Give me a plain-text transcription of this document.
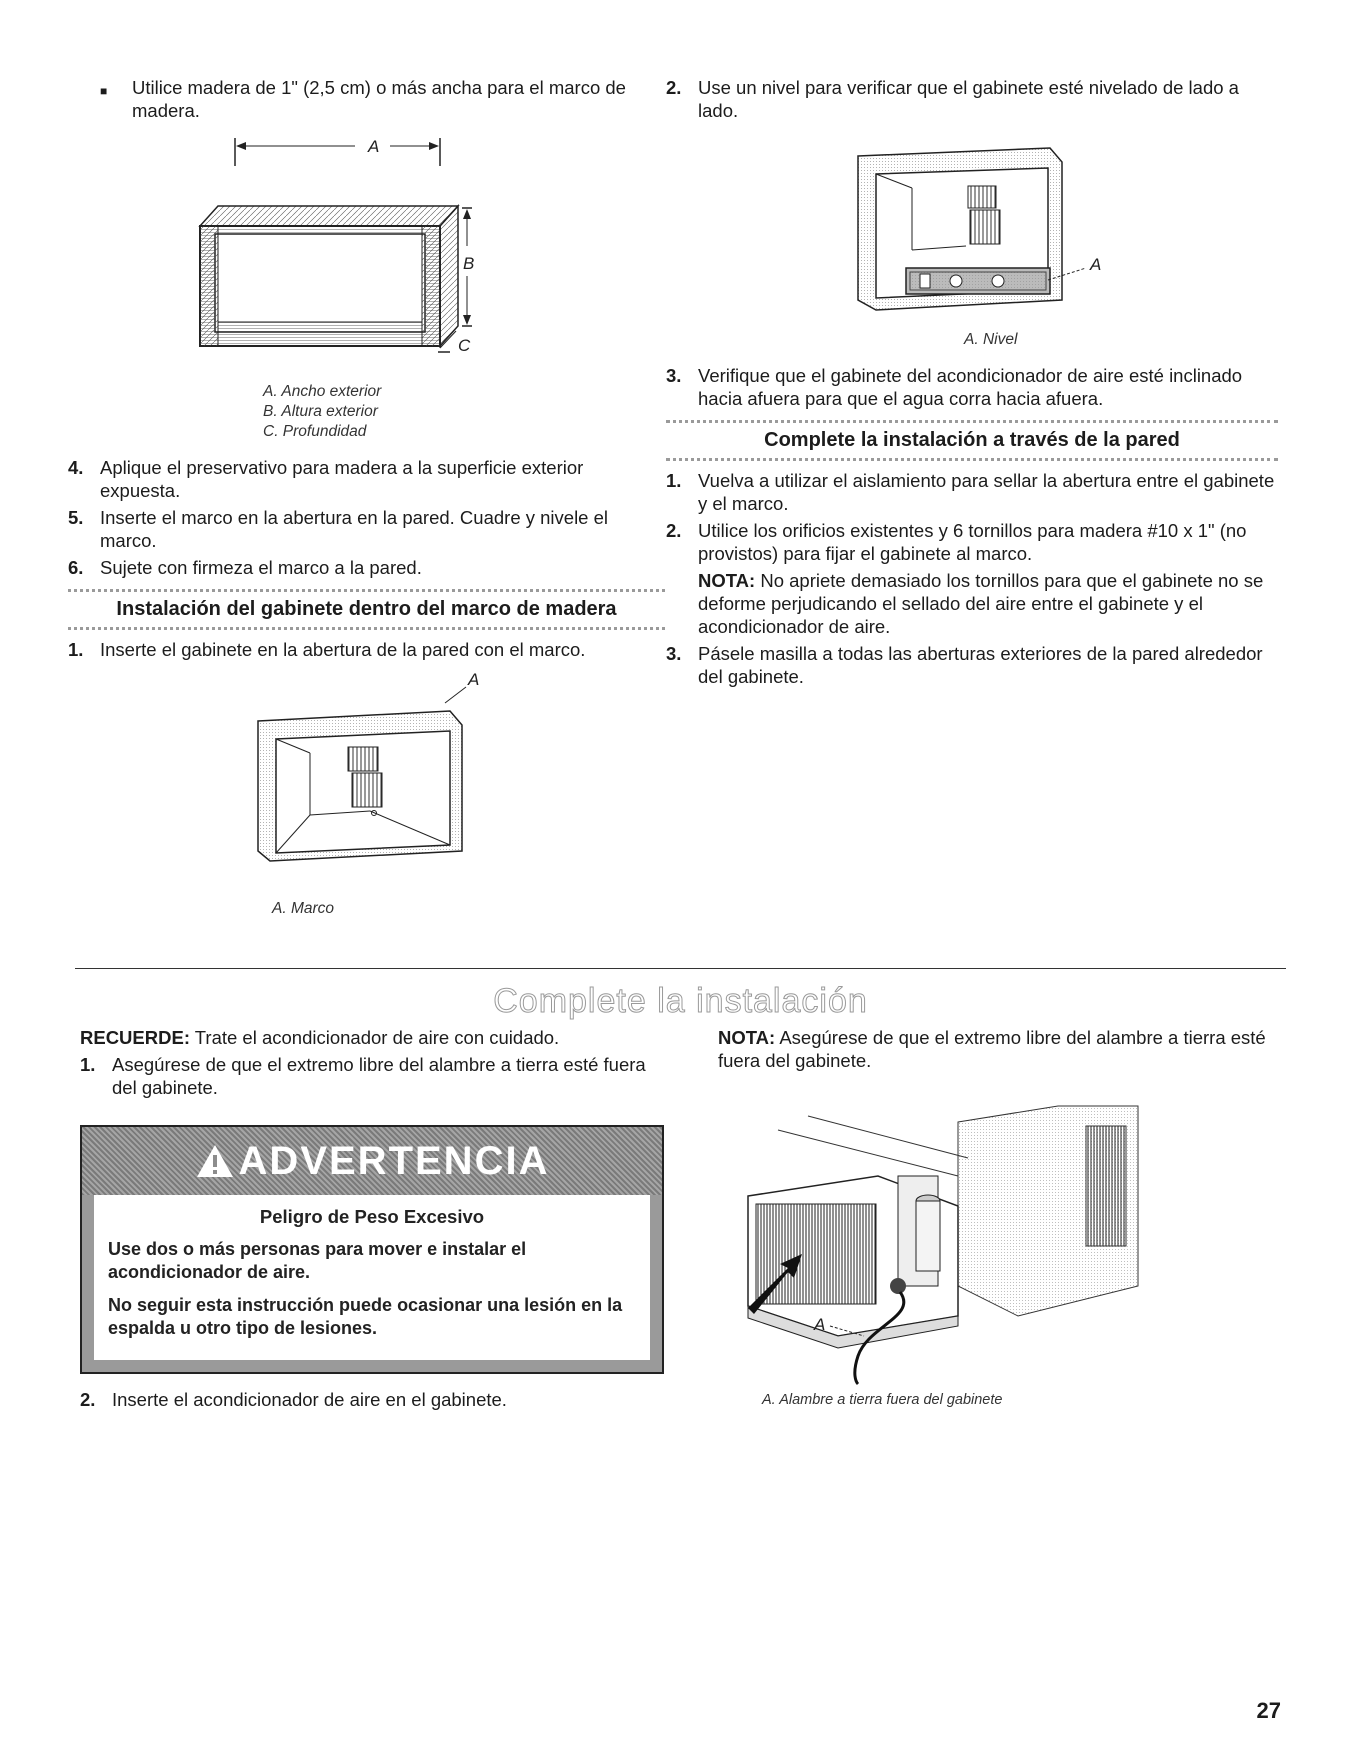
■	Utilice madera de 1" (2,5 cm) o más ancha para el marco de madera.
A
B
C
A. Ancho exterior
B. Altura exterior
C. Profundidad
4. Aplique el preservativo para madera a la superficie exterior expuesta.
5. Inserte el marco en la abertura en la pared. Cuadre y nivele el marco.
6. Sujete con firmeza el marco a la pared.
Instalación del gabinete dentro del marco de madera
1. Inserte el gabinete en la abertura de la pared con el marco.
A
A. Marco
2. Use un nivel para verificar que el gabinete esté nivelado de lado a lado.
A
A. Nivel
3. Verifique que el gabinete del acondicionador de aire esté inclinado hacia afuera para que el agua corra hacia afuera.
Complete la instalación a través de la pared
1. Vuelva a utilizar el aislamiento para sellar la abertura entre el gabinete y el marco.
2. Utilice los orificios existentes y 6 tornillos para madera #10 x 1" (no provistos) para fijar el gabinete al marco.
NOTA: No apriete demasiado los tornillos para que el gabinete no se deforme perjudicando el sellado del aire entre el gabinete y el acondicionador de aire.
3. Pásele masilla a todas las aberturas exteriores de la pared alrededor del gabinete.
Complete la instalación
RECUERDE: Trate el acondicionador de aire con cuidado.
1. Asegúrese de que el extremo libre del alambre a tierra esté fuera del gabinete.
ADVERTENCIA
Peligro de Peso Excesivo

Use dos o más personas para mover e instalar el acondicionador de aire.

No seguir esta instrucción puede ocasionar una lesión en la espalda u otro tipo de lesiones.

2. Inserte el acondicionador de aire en el gabinete.
NOTA: Asegúrese de que el extremo libre del alambre a tierra esté fuera del gabinete.
A
A. Alambre a tierra fuera del gabinete
27
